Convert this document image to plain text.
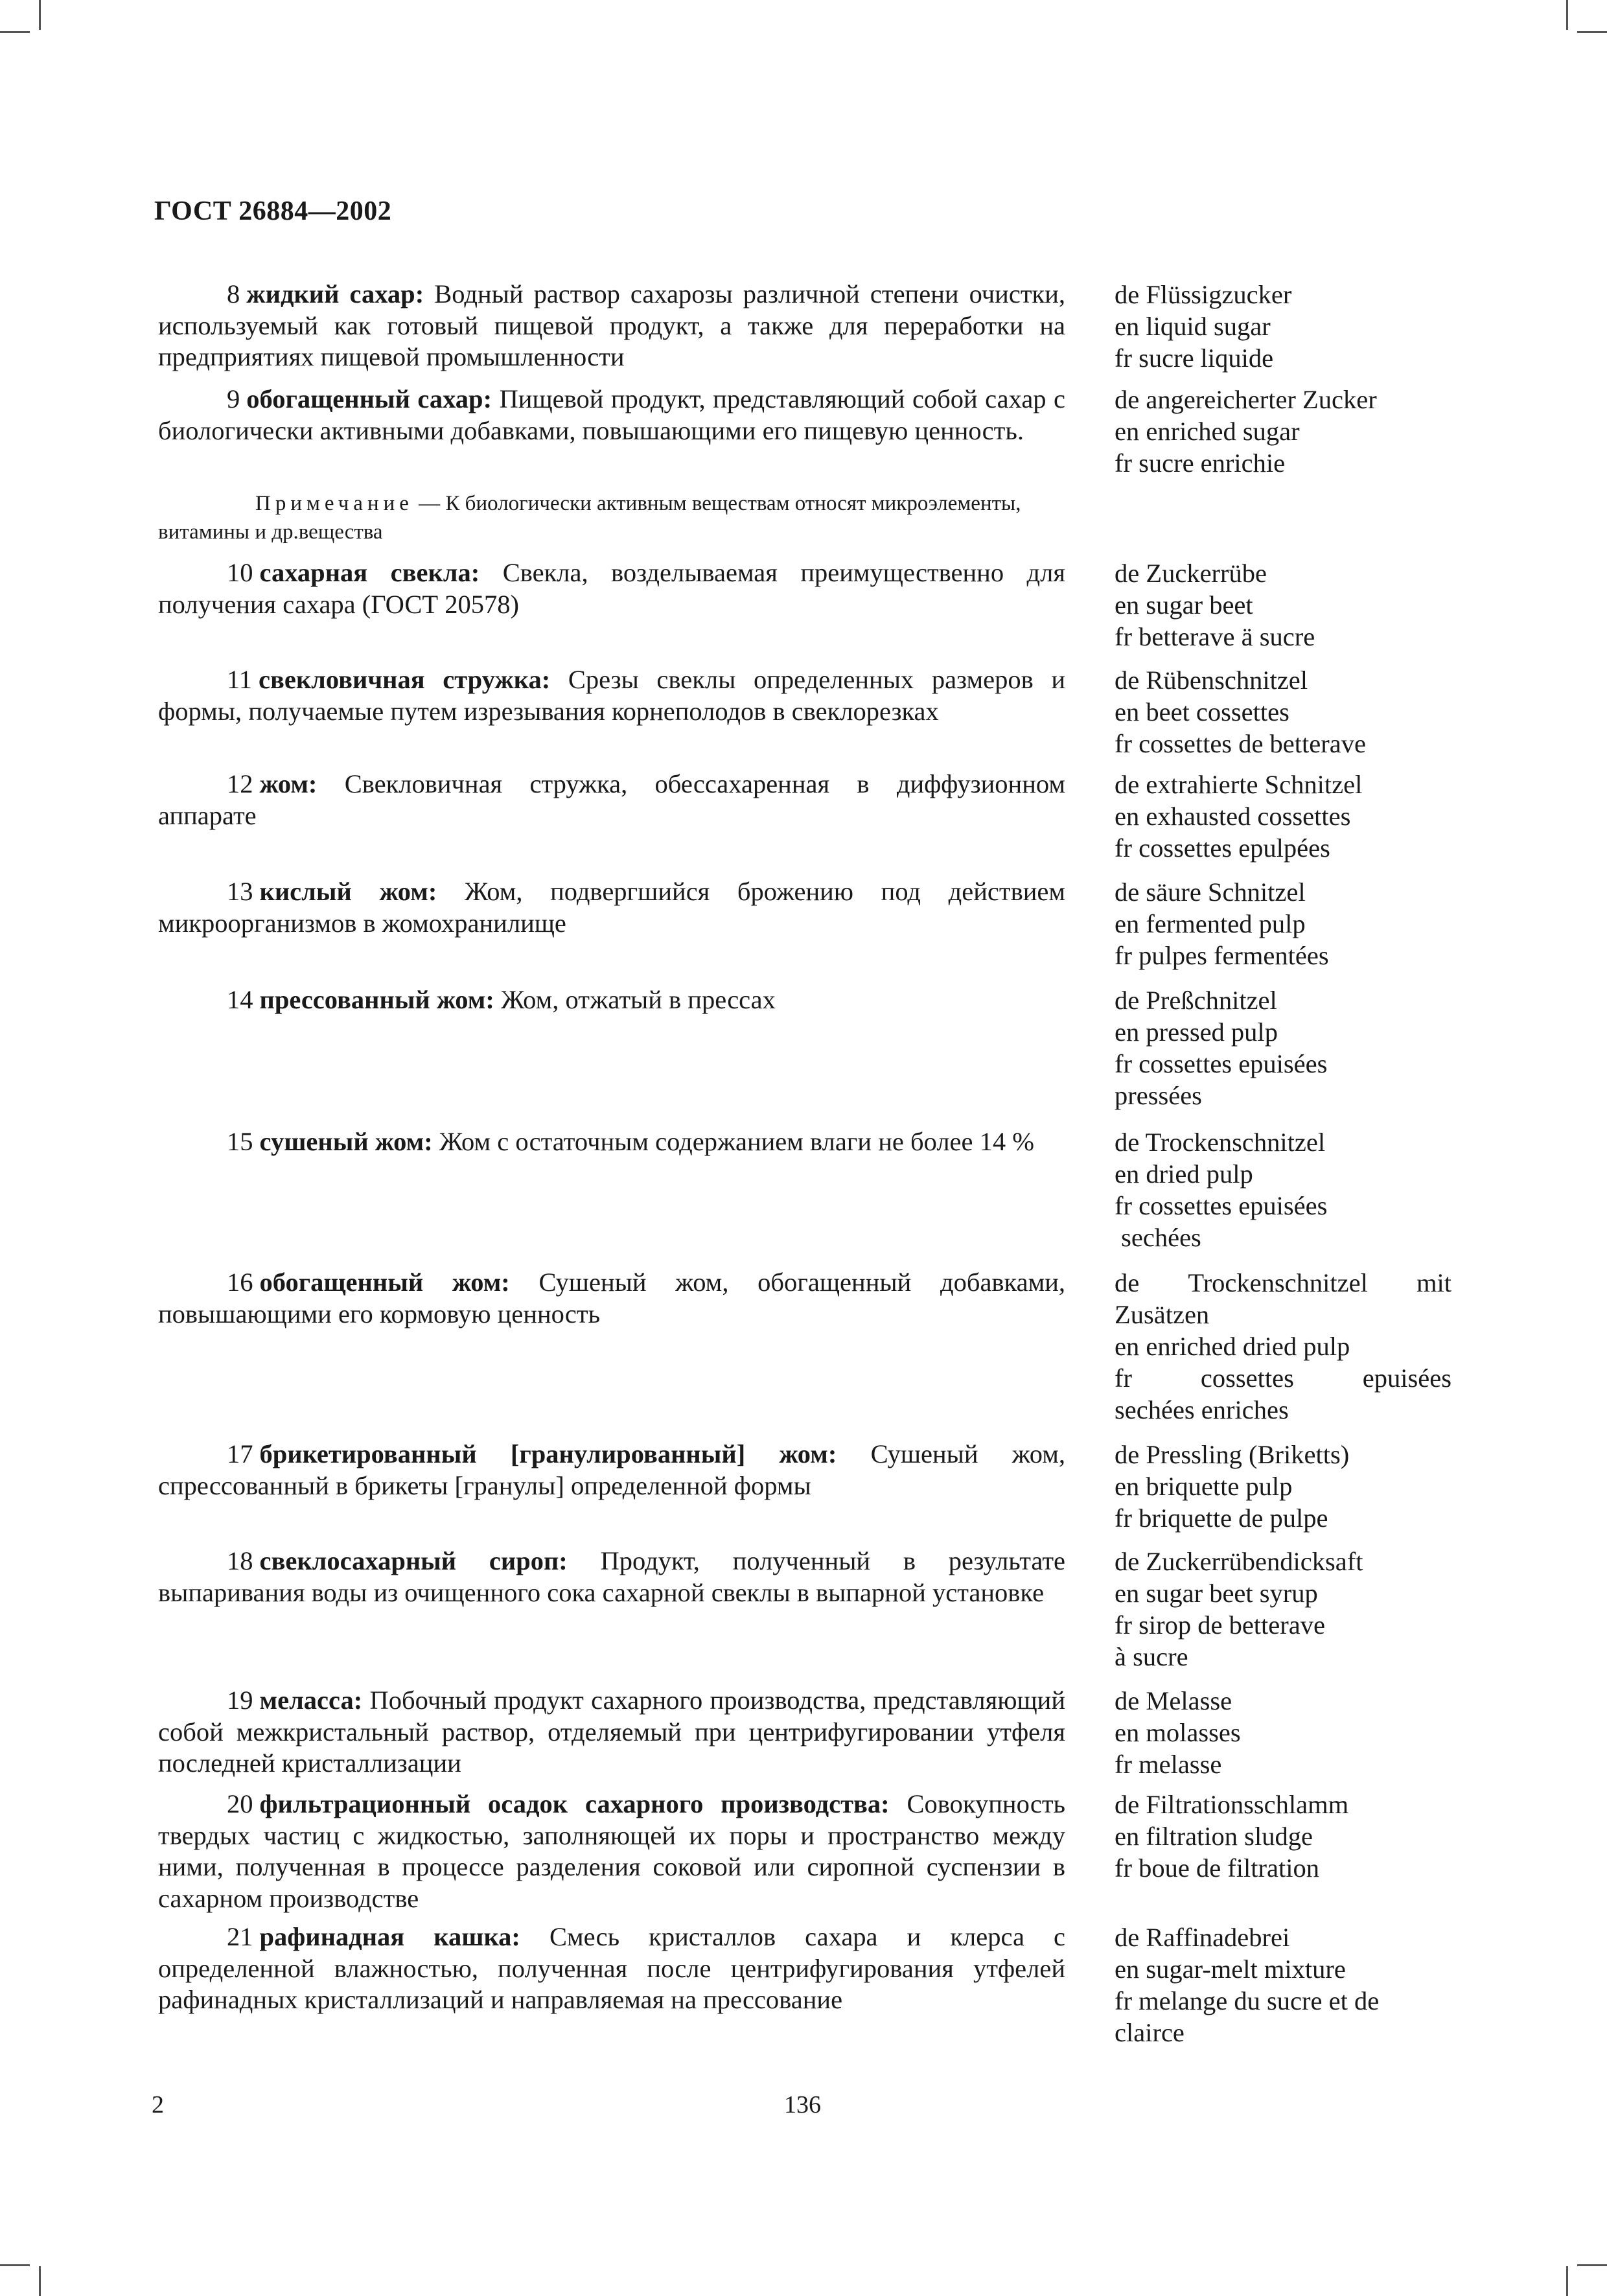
ГОСТ 26884—2002
8 жидкий сахар: Водный раствор сахарозы различной степени очистки, используемый как готовый пищевой продукт, а также для переработки на предприятиях пищевой промышленности
de Flüssigzucker
en liquid sugar
fr sucre liquide
9 обогащенный сахар: Пищевой продукт, представляющий собой сахар с биологически активными добавками, повышающими его пищевую ценность.
de angereicherter Zucker
en enriched sugar
fr sucre enrichie
10 сахарная свекла: Свекла, возделываемая преимущественно для получения сахара (ГОСТ 20578)
de Zuckerrübe
en sugar beet
fr betterave ä sucre
11 свекловичная стружка: Срезы свеклы определенных размеров и формы, получаемые путем изрезывания корнеполодов в свеклорезках
de Rübenschnitzel
en beet cossettes
fr cossettes de betterave
12 жом: Свекловичная стружка, обессахаренная в диффузионном аппарате
de extrahierte Schnitzel
en exhausted cossettes
fr cossettes epulpées
13 кислый жом: Жом, подвергшийся брожению под действием микроорганизмов в жомохранилище
de säure Schnitzel
en fermented pulp
fr pulpes fermentées
14 прессованный жом: Жом, отжатый в прессах	de Preßchnitzel
en pressed pulp
fr cossettes epuisées
pressées
15 сушеный жом: Жом с остаточным содержанием влаги не более 14 %	de Trockenschnitzel
en dried pulp
fr cossettes epuisées
sechées
16 обогащенный жом: Сушеный жом, обогащенный добавками, повышающими его кормовую ценность
de Trockenschnitzel mit
Zusätzen
en enriched dried pulp
fr	cossettes	epuisées
sechées enriches
17 брикетированный [гранулированный] жом: Сушеный жом, спрессованный в брикеты [гранулы] определенной формы
de Pressling (Briketts)
en briquette pulp
fr briquette de pulpe
18 свеклосахарный сироп: Продукт, полученный в результате выпаривания воды из очищенного сока сахарной свеклы в выпарной установке
de Zuckerrübendicksaft
en sugar beet syrup
fr sirop de betterave
à sucre
19 меласса: Побочный продукт сахарного производства, представляющий собой межкристальный раствор, отделяемый при центрифугировании утфеля последней кристаллизации
de Melasse
en molasses
fr melasse
20 фильтрационный осадок сахарного производства: Совокупность твердых частиц с жидкостью, заполняющей их поры и пространство между ними, полученная в процессе разделения соковой или сиропной суспензии в сахарном производстве
de Filtrationsschlamm
en filtration sludge
fr boue de filtration
21 рафинадная кашка: Смесь кристаллов сахара и клерса с определенной влажностью, полученная после центрифугирования утфелей рафинадных кристаллизаций и направляемая на прессование
de Raffinadebrei
en sugar-melt mixture
fr melange du sucre et de
clairce
Примечание — К биологически активным веществам относят микроэлементы, витамины и др.вещества
2	136
